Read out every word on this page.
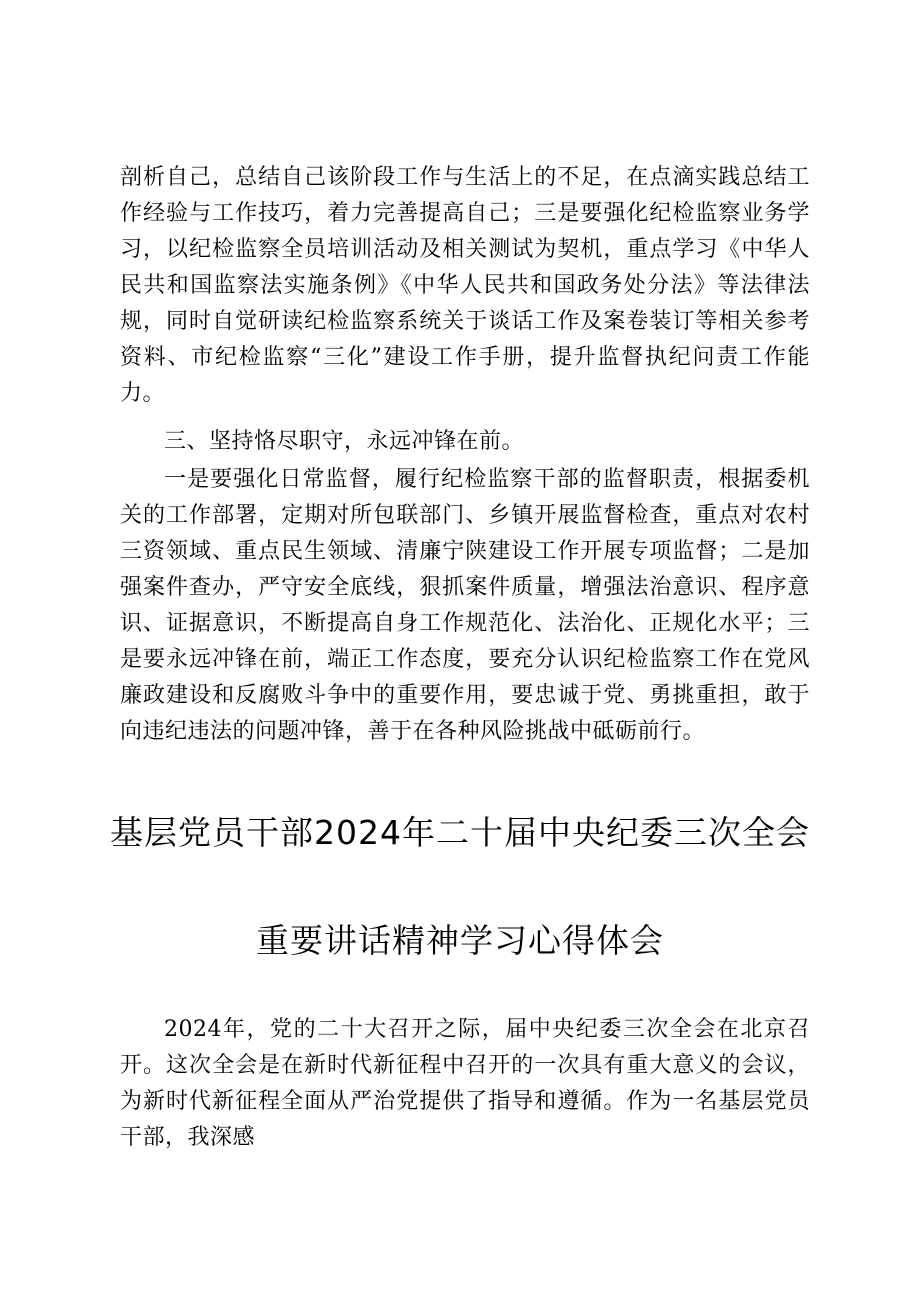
剖析自己，总结自己该阶段工作与生活上的不足，在点滴实践总结工作经验与工作技巧，着力完善提高自己；三是要强化纪检监察业务学习，以纪检监察全员培训活动及相关测试为契机，重点学习《中华人民共和国监察法实施条例》《中华人民共和国政务处分法》等法律法规，同时自觉研读纪检监察系统关于谈话工作及案卷装订等相关参考资料、市纪检监察“三化”建设工作手册，提升监督执纪问责工作能力。

三、坚持恪尽职守，永远冲锋在前。

一是要强化日常监督，履行纪检监察干部的监督职责，根据委机关的工作部署，定期对所包联部门、乡镇开展监督检查，重点对农村三资领域、重点民生领域、清廉宁陕建设工作开展专项监督；二是加强案件查办，严守安全底线，狠抓案件质量，增强法治意识、程序意识、证据意识，不断提高自身工作规范化、法治化、正规化水平；三是要永远冲锋在前，端正工作态度，要充分认识纪检监察工作在党风廉政建设和反腐败斗争中的重要作用，要忠诚于党、勇挑重担，敢于向违纪违法的问题冲锋，善于在各种风险挑战中砥砺前行。

基层党员干部2024年二十届中央纪委三次全会
重要讲话精神学习心得体会

2024年，党的二十大召开之际，届中央纪委三次全会在北京召开。这次全会是在新时代新征程中召开的一次具有重大意义的会议，为新时代新征程全面从严治党提供了指导和遵循。作为一名基层党员干部，我深感
